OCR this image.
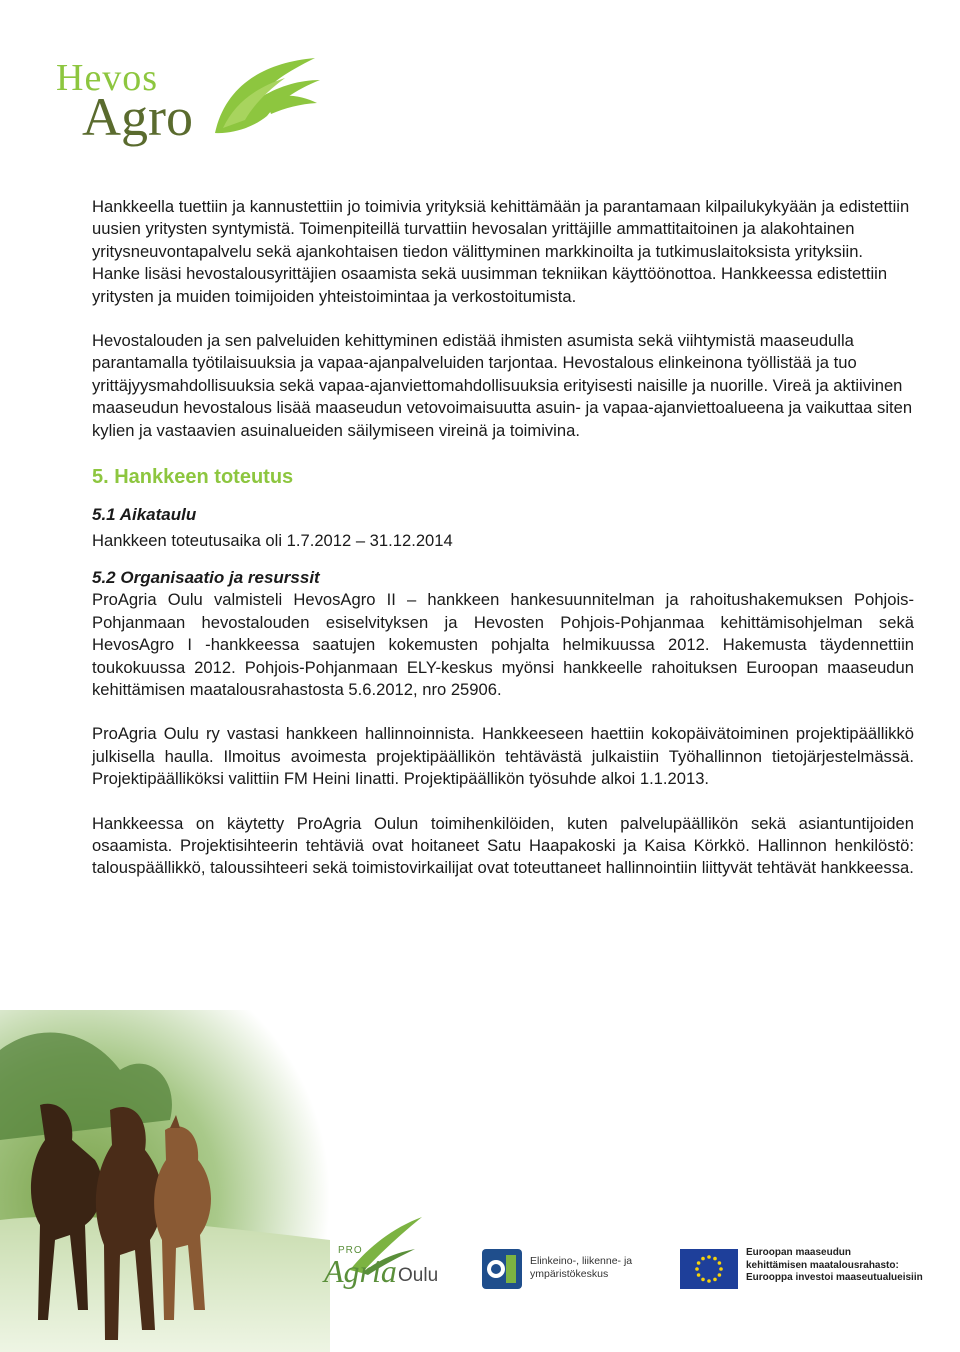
Hevos
Agro

Hankkeella tuettiin ja kannustettiin jo toimivia yrityksiä kehittämään ja parantamaan kilpailukykyään ja edistettiin uusien yritysten syntymistä. Toimenpiteillä turvattiin hevosalan yrittäjille ammattitaitoinen ja alakohtainen yritysneuvontapalvelu sekä ajankohtaisen tiedon välittyminen markkinoilta ja tutkimuslaitoksista yrityksiin. Hanke lisäsi hevostalousyrittäjien osaamista sekä uusimman tekniikan käyttöönottoa. Hankkeessa edistettiin yritysten ja muiden toimijoiden yhteistoimintaa ja verkostoitumista.

Hevostalouden ja sen palveluiden kehittyminen edistää ihmisten asumista sekä viihtymistä maaseudulla parantamalla työtilaisuuksia ja vapaa-ajanpalveluiden tarjontaa. Hevostalous elinkeinona työllistää ja tuo yrittäjyysmahdollisuuksia sekä vapaa-ajanviettomahdollisuuksia erityisesti naisille ja nuorille. Vireä ja aktiivinen maaseudun hevostalous lisää maaseudun vetovoimaisuutta asuin- ja vapaa-ajanviettoalueena ja vaikuttaa siten kylien ja vastaavien asuinalueiden säilymiseen vireinä ja toimivina.

5. Hankkeen toteutus
5.1 Aikataulu

Hankkeen toteutusaika oli 1.7.2012 – 31.12.2014

5.2 Organisaatio ja resurssit

ProAgria Oulu valmisteli HevosAgro II – hankkeen hankesuunnitelman ja rahoitushakemuksen Pohjois-Pohjanmaan hevostalouden esiselvityksen ja Hevosten Pohjois-Pohjanmaa kehittämisohjelman sekä HevosAgro I -hankkeessa saatujen kokemusten pohjalta helmikuussa 2012. Hakemusta täydennettiin toukokuussa 2012. Pohjois-Pohjanmaan ELY-keskus myönsi hankkeelle rahoituksen Euroopan maaseudun kehittämisen maatalousrahastosta 5.6.2012, nro 25906.

ProAgria Oulu ry vastasi hankkeen hallinnoinnista. Hankkeeseen haettiin kokopäivätoiminen projektipäällikkö julkisella haulla. Ilmoitus avoimesta projektipäällikön tehtävästä julkaistiin Työhallinnon tietojärjestelmässä. Projektipäälliköksi valittiin FM Heini Iinatti. Projektipäällikön työsuhde alkoi 1.1.2013.

Hankkeessa on käytetty ProAgria Oulun toimihenkilöiden, kuten palvelupäällikön sekä asiantuntijoiden osaamista. Projektisihteerin tehtäviä ovat hoitaneet Satu Haapakoski ja Kaisa Körkkö. Hallinnon henkilöstö: talouspäällikkö, taloussihteeri sekä toimistovirkailijat ovat toteuttaneet hallinnointiin liittyvät tehtävät hankkeessa.

PRO
Agria Oulu
Elinkeino-, liikenne- ja
ympäristökeskus
Euroopan maaseudun
kehittämisen maatalousrahasto:
Eurooppa investoi maaseutualueisiin
